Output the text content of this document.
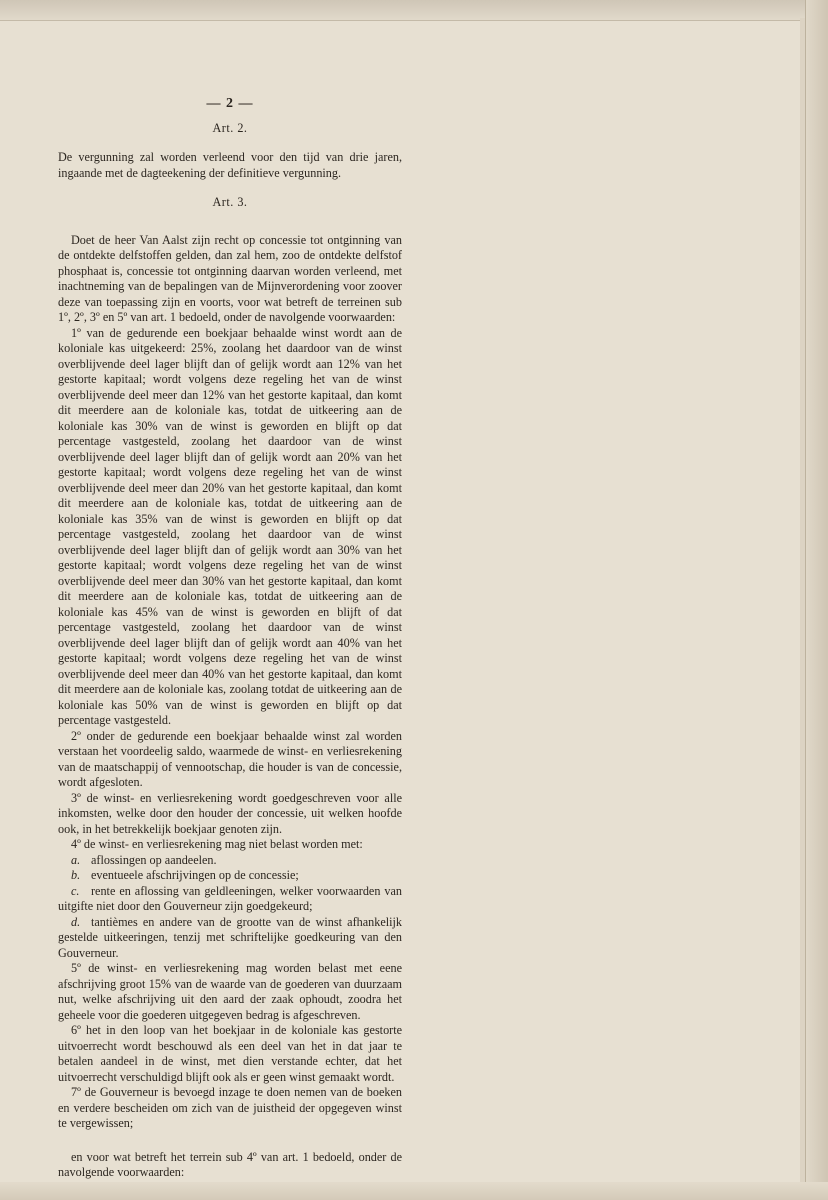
— 2 —
Art. 2.

De vergunning zal worden verleend voor den tijd van drie jaren, ingaande met de dagteekening der definitieve vergunning.

Art. 3.

Doet de heer Van Aalst zijn recht op concessie tot ontginning van de ontdekte delfstoffen gelden, dan zal hem, zoo de ontdekte delfstof phosphaat is, concessie tot ontginning daarvan worden verleend, met inachtneming van de bepalingen van de Mijnverordening voor zoover deze van toepassing zijn en voorts, voor wat betreft de terreinen sub 1º, 2º, 3º en 5º van art. 1 bedoeld, onder de navolgende voorwaarden:

1º van de gedurende een boekjaar behaalde winst wordt aan de koloniale kas uitgekeerd: 25%, zoolang het daardoor van de winst overblijvende deel lager blijft dan of gelijk wordt aan 12% van het gestorte kapitaal; wordt volgens deze regeling het van de winst overblijvende deel meer dan 12% van het gestorte kapitaal, dan komt dit meerdere aan de koloniale kas, totdat de uitkeering aan de koloniale kas 30% van de winst is geworden en blijft op dat percentage vastgesteld, zoolang het daardoor van de winst overblijvende deel lager blijft dan of gelijk wordt aan 20% van het gestorte kapitaal; wordt volgens deze regeling het van de winst overblijvende deel meer dan 20% van het gestorte kapitaal, dan komt dit meerdere aan de koloniale kas, totdat de uitkeering aan de koloniale kas 35% van de winst is geworden en blijft op dat percentage vastgesteld, zoolang het daardoor van de winst overblijvende deel lager blijft dan of gelijk wordt aan 30% van het gestorte kapitaal; wordt volgens deze regeling het van de winst overblijvende deel meer dan 30% van het gestorte kapitaal, dan komt dit meerdere aan de koloniale kas, totdat de uitkeering aan de koloniale kas 45% van de winst is geworden en blijft of dat percentage vastgesteld, zoolang het daardoor van de winst overblijvende deel lager blijft dan of gelijk wordt aan 40% van het gestorte kapitaal; wordt volgens deze regeling het van de winst overblijvende deel meer dan 40% van het gestorte kapitaal, dan komt dit meerdere aan de koloniale kas, zoolang totdat de uitkeering aan de koloniale kas 50% van de winst is geworden en blijft op dat percentage vastgesteld.

2º onder de gedurende een boekjaar behaalde winst zal worden verstaan het voordeelig saldo, waarmede de winst- en verliesrekening van de maatschappij of vennootschap, die houder is van de concessie, wordt afgesloten.

3º de winst- en verliesrekening wordt goedgeschreven voor alle inkomsten, welke door den houder der concessie, uit welken hoofde ook, in het betrekkelijk boekjaar genoten zijn.

4º de winst- en verliesrekening mag niet belast worden met:

a. aflossingen op aandeelen.

b. eventueele afschrijvingen op de concessie;

c. rente en aflossing van geldleeningen, welker voorwaarden van uitgifte niet door den Gouverneur zijn goedgekeurd;

d. tantièmes en andere van de grootte van de winst afhankelijk gestelde uitkeeringen, tenzij met schriftelijke goedkeuring van den Gouverneur.

5º de winst- en verliesrekening mag worden belast met eene afschrijving groot 15% van de waarde van de goederen van duurzaam nut, welke afschrijving uit den aard der zaak ophoudt, zoodra het geheele voor die goederen uitgegeven bedrag is afgeschreven.

6º het in den loop van het boekjaar in de koloniale kas gestorte uitvoerrecht wordt beschouwd als een deel van het in dat jaar te betalen aandeel in de winst, met dien verstande echter, dat het uitvoerrecht verschuldigd blijft ook als er geen winst gemaakt wordt.

7º de Gouverneur is bevoegd inzage te doen nemen van de boeken en verdere bescheiden om zich van de juistheid der opgegeven winst te vergewissen;

en voor wat betreft het terrein sub 4º van art. 1 bedoeld, onder de navolgende voorwaarden:
